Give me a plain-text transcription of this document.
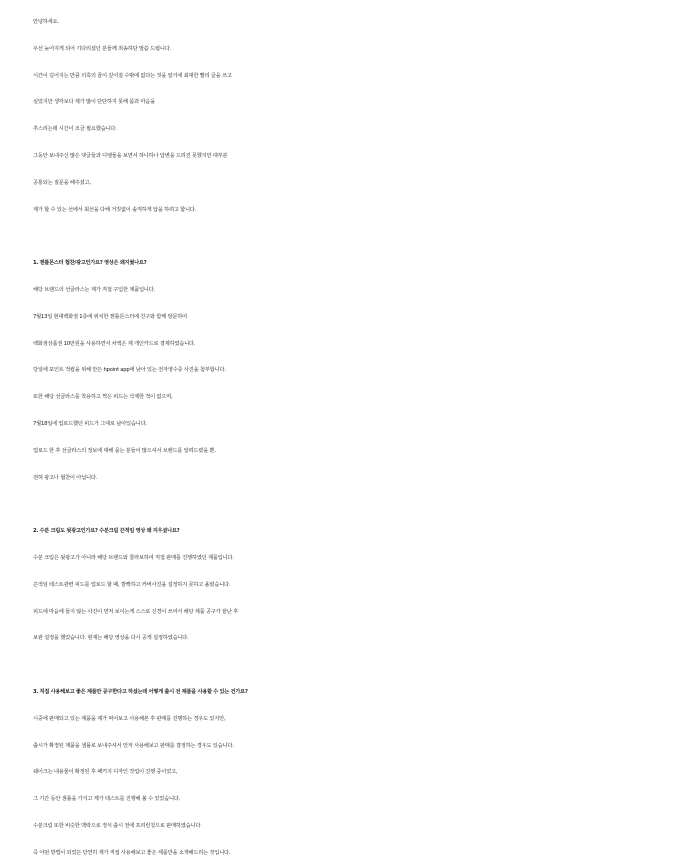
안녕하세요.
우선 늦어지게 되어 기다리셨던 분들께 죄송하단 말씀 드립니다.
시간이 길어지는 만큼 의혹의 골이 깊어질 수밖에 없다는 것을 알기에 최대한 빨리 글을 쓰고
싶었지만 생각보다 제가 많이 단단하지 못해 몸과 마음을
추스리는데 시간이 조금 필요했습니다.
그동안 보내주신 많은 댓글들과 디엠들을 보면서 하나하나 답변을 드리진 못했지만 대부분
공통되는 질문을 해주셨고,
제가 할 수 있는 선에서 최선을 다해 거짓없이 솔직하게 답을 하려고 합니다.
1. 젠틀몬스터 협찬/광고인가요? 영상은 왜지웠나요?
해당 브랜드의 선글라스는 제가 직접 구입한 제품입니다.
7월13일 현대백화점 1층에 위치한 젠틀몬스터에 친구와 함께 방문하여
백화점상품권 10만원을 사용하면서 차액은 제 개인카드로 결제하였습니다.
당일에 포인트 적립을 위해 만든 hpoint app에 남아 있는 전자영수증 사진을 첨부합니다.
또한 해당 선글라스를 착용하고 찍은 피드는 삭제한 적이 없으며,
7월18일에 업로드했던 피드가 그대로 남아있습니다.
업로드 한 후 선글라스의 정보에 대해 묻는 분들이 많으셔서 브랜드를 알려드렸을 뿐,
전혀 광고나 협찬이 아닙니다.
2. 수분 크림도 뒷광고인가요? 수분크림 끈적임 영상 왜 지우셨나요?
수분 크림은 뒷광고가 아니라 해당 브랜드와 콜라보하여 직접 판매를 진행하였던 제품입니다.
끈적임 테스트관련 피드를 업로드 할 때, 깜빡하고 커버사진을 설정하지 못하고 올렸습니다.
피드에 마음에 들지 않는 사진이 먼저 보이는게 스스로 신경이 쓰여서 해당 제품 공구가 끝난 후
보관 설정을 했었습니다. 현재는 해당 영상을 다시 공개 설정하였습니다.
3. 직접 사용해보고 좋은 제품만 공구한다고 하셨는데 어떻게 출시 전 제품을 사용할 수 있는 건가요?
시중에 판매되고 있는 제품을 제가 먹어보고 사용해본 후 판매를 진행하는 경우도 있지만,
출시가 확정된 제품을 샘플로 보내주셔서 먼저 사용해보고 판매를 결정하는 경우도 있습니다.
쉐이크는 내용물이 확정된 후 패키지 디자인 작업이 진행 중이었고,
그 기간 동안 샘플을 가지고 제가 테스트를 진행해 볼 수 있었습니다.
수분크림 또한 비슷한 맥락으로 정식 출시 전에 프리런칭으로 판매하였습니다
즉 어떤 방법이 되었든 당연히 제가 직접 사용해보고 좋은 제품만을 소개해드리는 것입니다.
